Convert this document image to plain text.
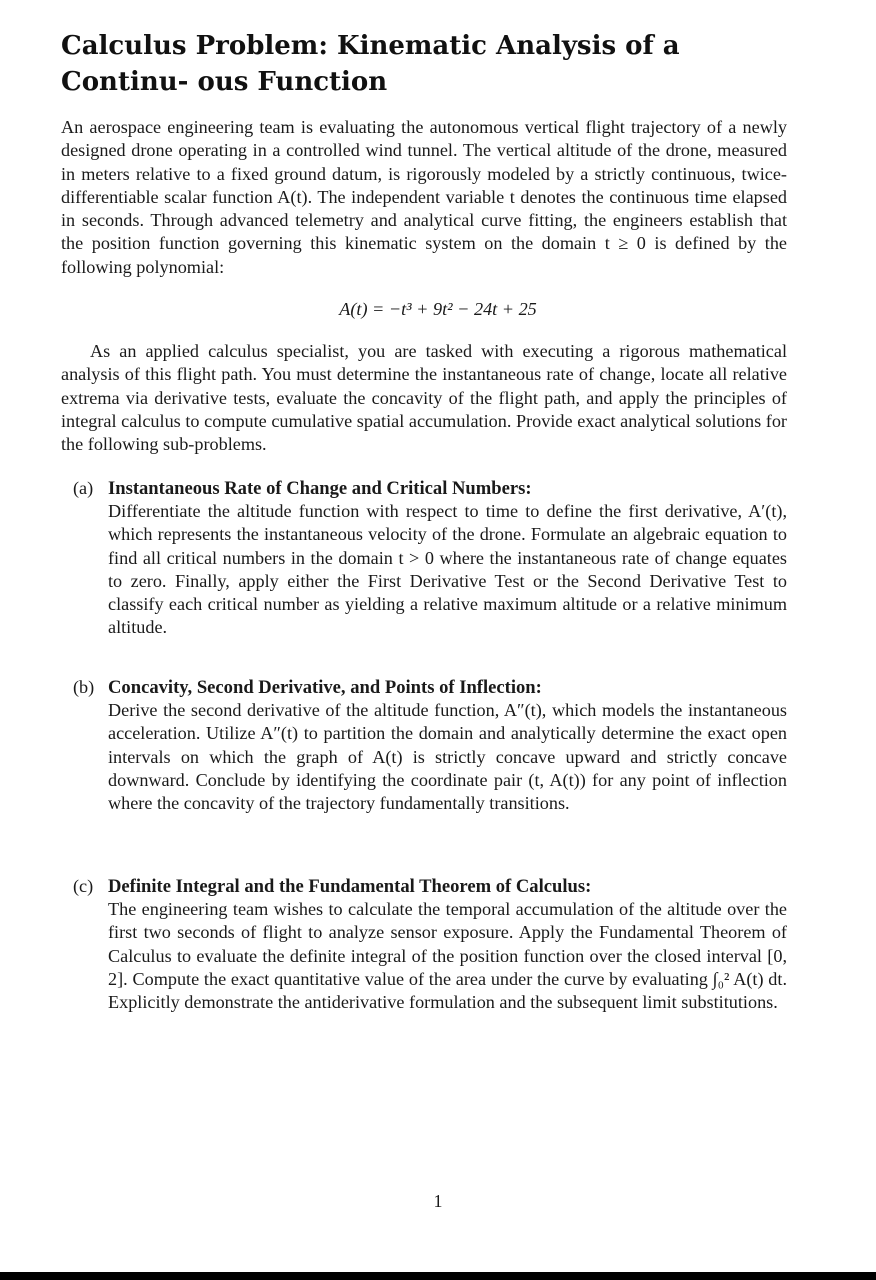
Calculus Problem: Kinematic Analysis of a Continu- ous Function

An aerospace engineering team is evaluating the autonomous vertical flight trajectory of a newly designed drone operating in a controlled wind tunnel. The vertical altitude of the drone, measured in meters relative to a fixed ground datum, is rigorously modeled by a strictly continuous, twice-differentiable scalar function A(t). The independent variable t denotes the continuous time elapsed in seconds. Through advanced telemetry and analytical curve fitting, the engineers establish that the position function governing this kinematic system on the domain t ≥ 0 is defined by the following polynomial:

A(t) = −t³ + 9t² − 24t + 25

As an applied calculus specialist, you are tasked with executing a rigorous mathematical analysis of this flight path. You must determine the instantaneous rate of change, locate all relative extrema via derivative tests, evaluate the concavity of the flight path, and apply the principles of integral calculus to compute cumulative spatial accumulation. Provide exact analytical solutions for the following sub-problems.

(a) Instantaneous Rate of Change and Critical Numbers:

Differentiate the altitude function with respect to time to define the first derivative, A′(t), which represents the instantaneous velocity of the drone. Formulate an algebraic equation to find all critical numbers in the domain t > 0 where the instantaneous rate of change equates to zero. Finally, apply either the First Derivative Test or the Second Derivative Test to classify each critical number as yielding a relative maximum altitude or a relative minimum altitude.

(b) Concavity, Second Derivative, and Points of Inflection:

Derive the second derivative of the altitude function, A″(t), which models the instantaneous acceleration. Utilize A″(t) to partition the domain and analytically determine the exact open intervals on which the graph of A(t) is strictly concave upward and strictly concave downward. Conclude by identifying the coordinate pair (t, A(t)) for any point of inflection where the concavity of the trajectory fundamentally transitions.

(c) Definite Integral and the Fundamental Theorem of Calculus:

The engineering team wishes to calculate the temporal accumulation of the altitude over the first two seconds of flight to analyze sensor exposure. Apply the Fundamental Theorem of Calculus to evaluate the definite integral of the position function over the closed interval [0, 2]. Compute the exact quantitative value of the area under the curve by evaluating ∫₀² A(t) dt. Explicitly demonstrate the antiderivative formulation and the subsequent limit substitutions.

1
